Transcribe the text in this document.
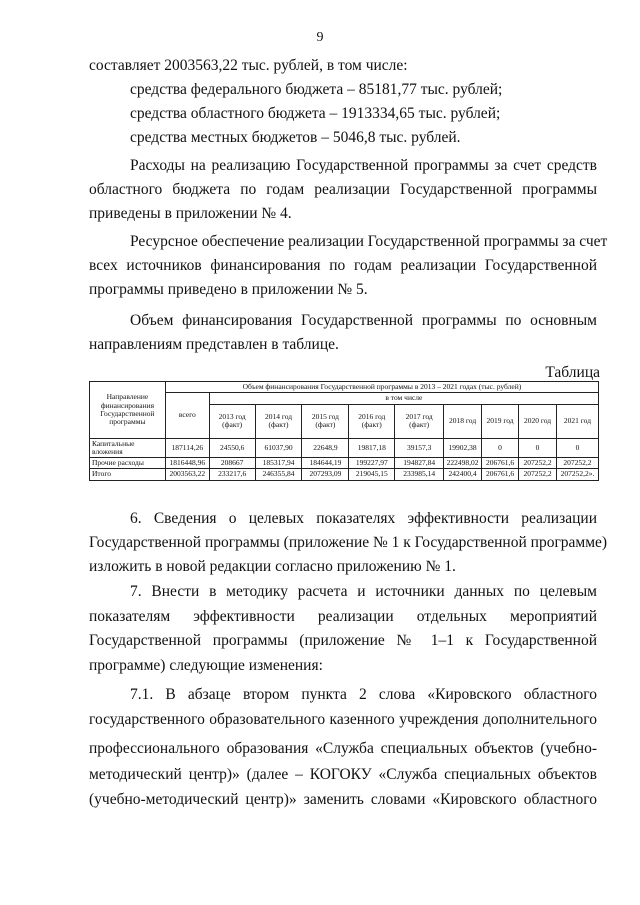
9
составляет 2003563,22 тыс. рублей, в том числе:
средства федерального бюджета – 85181,77 тыс. рублей;
средства областного бюджета – 1913334,65 тыс. рублей;
средства местных бюджетов – 5046,8 тыс. рублей.
Расходы на реализацию Государственной программы за счет средств
областного бюджета по годам реализации Государственной программы
приведены в приложении № 4.
Ресурсное обеспечение реализации Государственной программы за счет
всех источников финансирования по годам реализации Государственной
программы приведено в приложении № 5.
Объем финансирования Государственной программы по основным
направлениям представлен в таблице.
Таблица
Направление финансирования Государственной программы	Объем финансирования Государственной программы в 2013 – 2021 годах (тыс. рублей)									
	всего	в том числе								
		2013 год (факт)	2014 год (факт)	2015 год (факт)	2016 год (факт)	2017 год (факт)	2018 год	2019 год	2020 год	2021 год
Капитальные вложения	187114,26	24550,6	61037,90	22648,9	19817,18	39157,3	19902,38	0	0	0
Прочие расходы	1816448,96	208667	185317,94	184644,19	199227,97	194827,84	222498,02	206761,6	207252,2	207252,2
Итого	2003563,22	233217,6	246355,84	207293,09	219045,15	233985,14	242400,4	206761,6	207252,2	207252,2».
6. Сведения о целевых показателях эффективности реализации
Государственной программы (приложение № 1 к Государственной программе)
изложить в новой редакции согласно приложению № 1.
7. Внести в методику расчета и источники данных по целевым
показателям эффективности реализации отдельных мероприятий
Государственной программы (приложение № 1–1 к Государственной
программе) следующие изменения:
7.1. В абзаце втором пункта 2 слова «Кировского областного
государственного образовательного казенного учреждения дополнительного
профессионального образования «Служба специальных объектов (учебно-
методический центр)» (далее – КОГОКУ «Служба специальных объектов
(учебно-методический центр)» заменить словами «Кировского областного
